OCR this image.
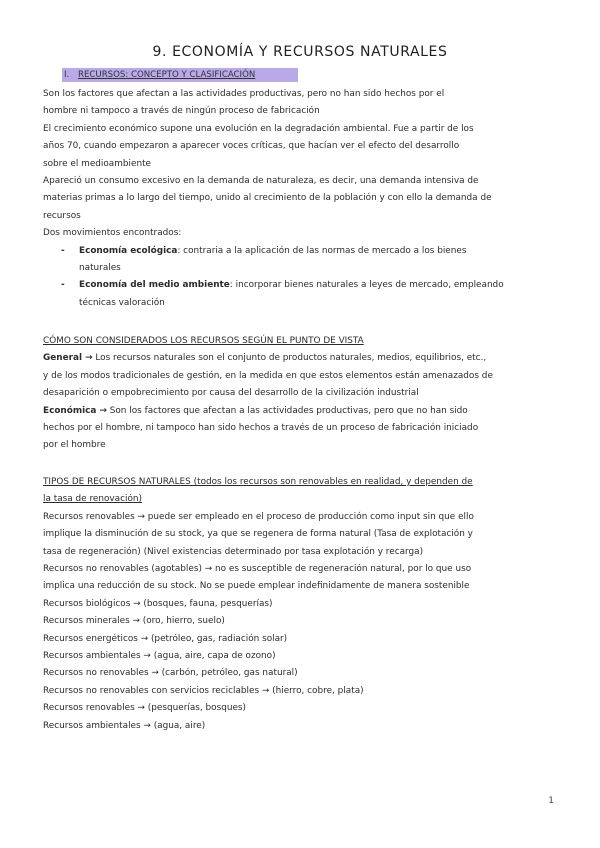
9. ECONOMÍA Y RECURSOS NATURALES
I. RECURSOS: CONCEPTO Y CLASIFICACIÓN

Son los factores que afectan a las actividades productivas, pero no han sido hechos por el

hombre ni tampoco a través de ningún proceso de fabricación

El crecimiento económico supone una evolución en la degradación ambiental. Fue a partir de los

años 70, cuando empezaron a aparecer voces críticas, que hacían ver el efecto del desarrollo

sobre el medioambiente

Apareció un consumo excesivo en la demanda de naturaleza, es decir, una demanda intensiva de

materias primas a lo largo del tiempo, unido al crecimiento de la población y con ello la demanda de

recursos

Dos movimientos encontrados:

- Economía ecológica: contraria a la aplicación de las normas de mercado a los bienes

naturales

- Economía del medio ambiente: incorporar bienes naturales a leyes de mercado, empleando

técnicas valoración

CÓMO SON CONSIDERADOS LOS RECURSOS SEGÚN EL PUNTO DE VISTA

General → Los recursos naturales son el conjunto de productos naturales, medios, equilibrios, etc.,

y de los modos tradicionales de gestión, en la medida en que estos elementos están amenazados de

desaparición o empobrecimiento por causa del desarrollo de la civilización industrial

Económica → Son los factores que afectan a las actividades productivas, pero que no han sido

hechos por el hombre, ni tampoco han sido hechos a través de un proceso de fabricación iniciado

por el hombre

TIPOS DE RECURSOS NATURALES (todos los recursos son renovables en realidad, y dependen de

la tasa de renovación)

Recursos renovables → puede ser empleado en el proceso de producción como input sin que ello

implique la disminución de su stock, ya que se regenera de forma natural (Tasa de explotación y

tasa de regeneración) (Nivel existencias determinado por tasa explotación y recarga)

Recursos no renovables (agotables) → no es susceptible de regeneración natural, por lo que uso

implica una reducción de su stock. No se puede emplear indefinidamente de manera sostenible

Recursos biológicos → (bosques, fauna, pesquerías)

Recursos minerales → (oro, hierro, suelo)

Recursos energéticos → (petróleo, gas, radiación solar)

Recursos ambientales → (agua, aire, capa de ozono)

Recursos no renovables → (carbón, petróleo, gas natural)

Recursos no renovables con servicios reciclables → (hierro, cobre, plata)

Recursos renovables → (pesquerías, bosques)

Recursos ambientales → (agua, aire)

1
